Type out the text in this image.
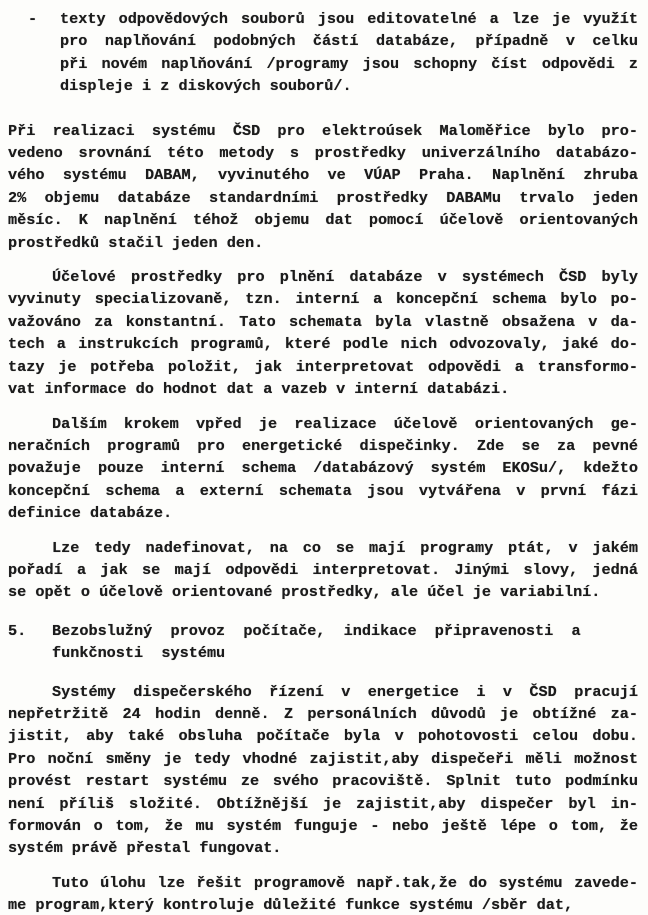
- texty odpovědových souborů jsou editovatelné a lze je využít
pro naplňování podobných částí databáze, případně v celku
při novém naplňování /programy jsou schopny číst odpovědi z
displeje i z diskových souborů/.
Při realizaci systému ČSD pro elektroúsek Maloměřice bylo pro-
vedeno srovnání této metody s prostředky univerzálního databázo-
vého systému DABAM, vyvinutého ve VÚAP Praha. Naplnění zhruba
2% objemu databáze standardními prostředky DABAMu trvalo jeden
měsíc. K naplnění téhož objemu dat pomocí účelově orientovaných
prostředků stačil jeden den.
Účelové prostředky pro plnění databáze v systémech ČSD byly
vyvinuty specializovaně, tzn. interní a koncepční schema bylo po-
važováno za konstantní. Tato schemata byla vlastně obsažena v da-
tech a instrukcích programů, které podle nich odvozovaly, jaké do-
tazy je potřeba položit, jak interpretovat odpovědi a transformo-
vat informace do hodnot dat a vazeb v interní databázi.
Dalším krokem vpřed je realizace účelově orientovaných ge-
neračních programů pro energetické dispečinky. Zde se za pevné
považuje pouze interní schema /databázový systém EKOSu/, kdežto
koncepční schema a externí schemata jsou vytvářena v první fázi
definice databáze.
Lze tedy nadefinovat, na co se mají programy ptát, v jakém
pořadí a jak se mají odpovědi interpretovat. Jinými slovy, jedná
se opět o účelově orientované prostředky, ale účel je variabilní.
5. Bezobslužný  provoz  počítače,  indikace  připravenosti  a
funkčnosti  systému
Systémy dispečerského řízení v energetice i v ČSD pracují
nepřetržitě 24 hodin denně. Z personálních důvodů je obtížné za-
jistit, aby také obsluha počítače byla v pohotovosti celou dobu.
Pro noční směny je tedy vhodné zajistit,aby dispečeři měli možnost
provést restart systému ze svého pracoviště. Splnit tuto podmínku
není příliš složité. Obtížnější je zajistit,aby dispečer byl in-
formován o tom, že mu systém funguje - nebo ještě lépe o tom, že
systém právě přestal fungovat.
Tuto úlohu lze řešit programově např.tak,že do systému zavede-
me program,který kontroluje důležité funkce systému /sběr dat,
